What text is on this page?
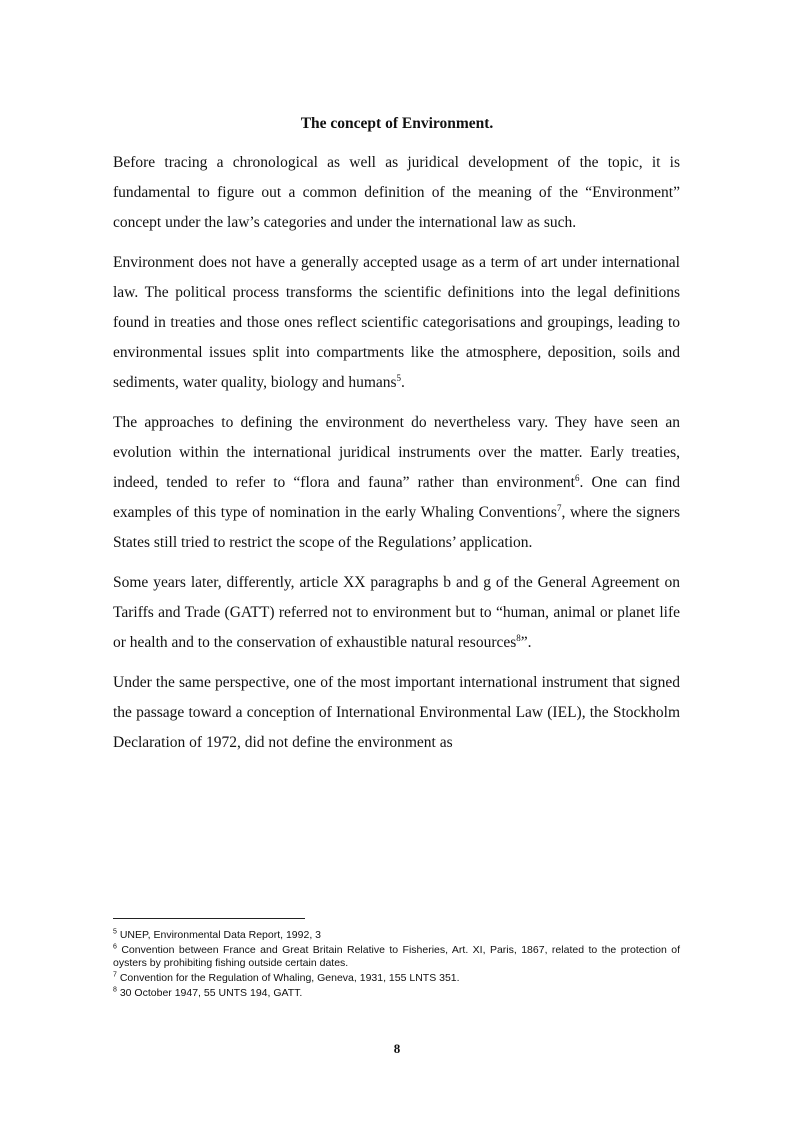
The concept of Environment.

Before tracing a chronological as well as juridical development of the topic, it is fundamental to figure out a common definition of the meaning of the “Environment” concept under the law’s categories and under the international law as such.

Environment does not have a generally accepted usage as a term of art under international law. The political process transforms the scientific definitions into the legal definitions found in treaties and those ones reflect scientific categorisations and groupings, leading to environmental issues split into compartments like the atmosphere, deposition, soils and sediments, water quality, biology and humans$^5$.

The approaches to defining the environment do nevertheless vary. They have seen an evolution within the international juridical instruments over the matter. Early treaties, indeed, tended to refer to “flora and fauna” rather than environment$^6$. One can find examples of this type of nomination in the early Whaling Conventions$^7$, where the signers States still tried to restrict the scope of the Regulations’ application.

Some years later, differently, article XX paragraphs b and g of the General Agreement on Tariffs and Trade (GATT) referred not to environment but to “human, animal or planet life or health and to the conservation of exhaustible natural resources$^8$”.

Under the same perspective, one of the most important international instrument that signed the passage toward a conception of International Environmental Law (IEL), the Stockholm Declaration of 1972, did not define the environment as

$^5$ UNEP, Environmental Data Report, 1992, 3
$^6$ Convention between France and Great Britain Relative to Fisheries, Art. XI, Paris, 1867, related to the protection of oysters by prohibiting fishing outside certain dates.
$^7$ Convention for the Regulation of Whaling, Geneva, 1931, 155 LNTS 351.
$^8$ 30 October 1947, 55 UNTS 194, GATT.
8
